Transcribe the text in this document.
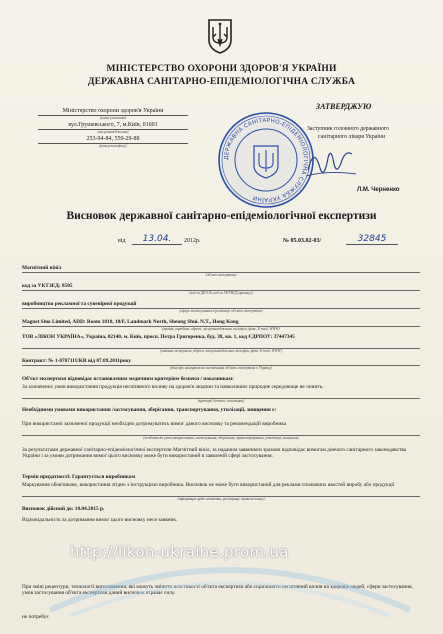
МІНІСТЕРСТВО ОХОРОНИ ЗДОРОВ'Я УКРАЇНИ
ДЕРЖАВНА САНІТАРНО-ЕПІДЕМІОЛОГІЧНА СЛУЖБА
Міністерство охорони здоров'я України
(назва установи)
вул.Грушевського, 7, м.Київ, 01601
(місцезнаходження)
253-94-84, 559-29-88
(номер телефону)
ЗАТВЕРДЖУЮ
Заступник головного державного
санітарного лікаря України
ДЕРЖАВНА САНІТАРНО-ЕПІДЕМІОЛОГІЧНА СЛУЖБА УКРАЇНИ
Л.М. Черненко
Висновок державної санітарно-епідеміологічної експертизи
від	13.04.	2012р.	№ 05.03.02-03/	32845
Магнітний вініл
(об'єкт експертизи)
код за УКТЗЕД: 8505
(код за ДК 016, код за УКТЗЕД (артикул)
виробництво рекламної та сувенірної продукції
(сфера застосування й реалізації об'єкта експертизи)
Magnet Sino Limited, ADD: Room 1818, 18/F, Landmark North, Sheung Shui. N.T., Hong Kong
(країна, виробник, адреса, місцезнаходження, телефон, факс, E-mail, WWW)
ТОВ «ЛІКОН УКРАЇНА», Україна, 02140, м. Київ, просп. Петра Григоренка, буд. 38, кв. 1, код ЄДРПОУ: 37447345
(заявник експертизи, адреса, місцезнаходження, телефон, факс, E-mail, WWW)
Контракт: № 1-070711UKR від 07.09.2011року
(дані про контракт на постачання об'єкта експертизи в Україну)
Об'єкт експертизи відповідає встановленим медичним критеріям безпеки / показникам:
За зазначених умов використання продукція негативного впливу на здоров'я людини та навколишнє природне середовище не чинить.
(критерії безпеки / показники)
Необхідними умовами використання /застосування, зберігання, транспортування, утилізації, знищення є:
При використанні зазначеної продукції необхідно дотримуватись вимог даного висновку та рекомендацій виробника
(особливості умов використання, застосування, зберігання, транспортування, утилізації, знищення)
За результатами державної санітарно-епідеміологічної експертизи Магнітний вініл, за наданим заявником зразком відповідає вимогам діючого санітарного законодавства України і за умови дотримання вимог цього висновку може бути використаний в заявленій сфері застосування.
Термін придатності: Гарантується виробником
Маркування обов'язкове, використання згідно з інструкцією виробника. Висновок не може бути використаний для реклами споживчих якостей виробу або продукції
(інформація щодо етикетки, реєстрації, правила тощо)
Висновок дійсний до: 10.04.2015 р.
Відповідальність за дотримання вимог цього висновку несе заявник.
При зміні рецептури, технології виготовлення, які можуть змінити властивості об'єкта експертизи або спричинити негативний вплив на здоров'я людей, сфери застосування, умов застосування об'єкта експертизи даний висновок втрачає силу.
не потребує
http://likon-ukraine.prom.ua
